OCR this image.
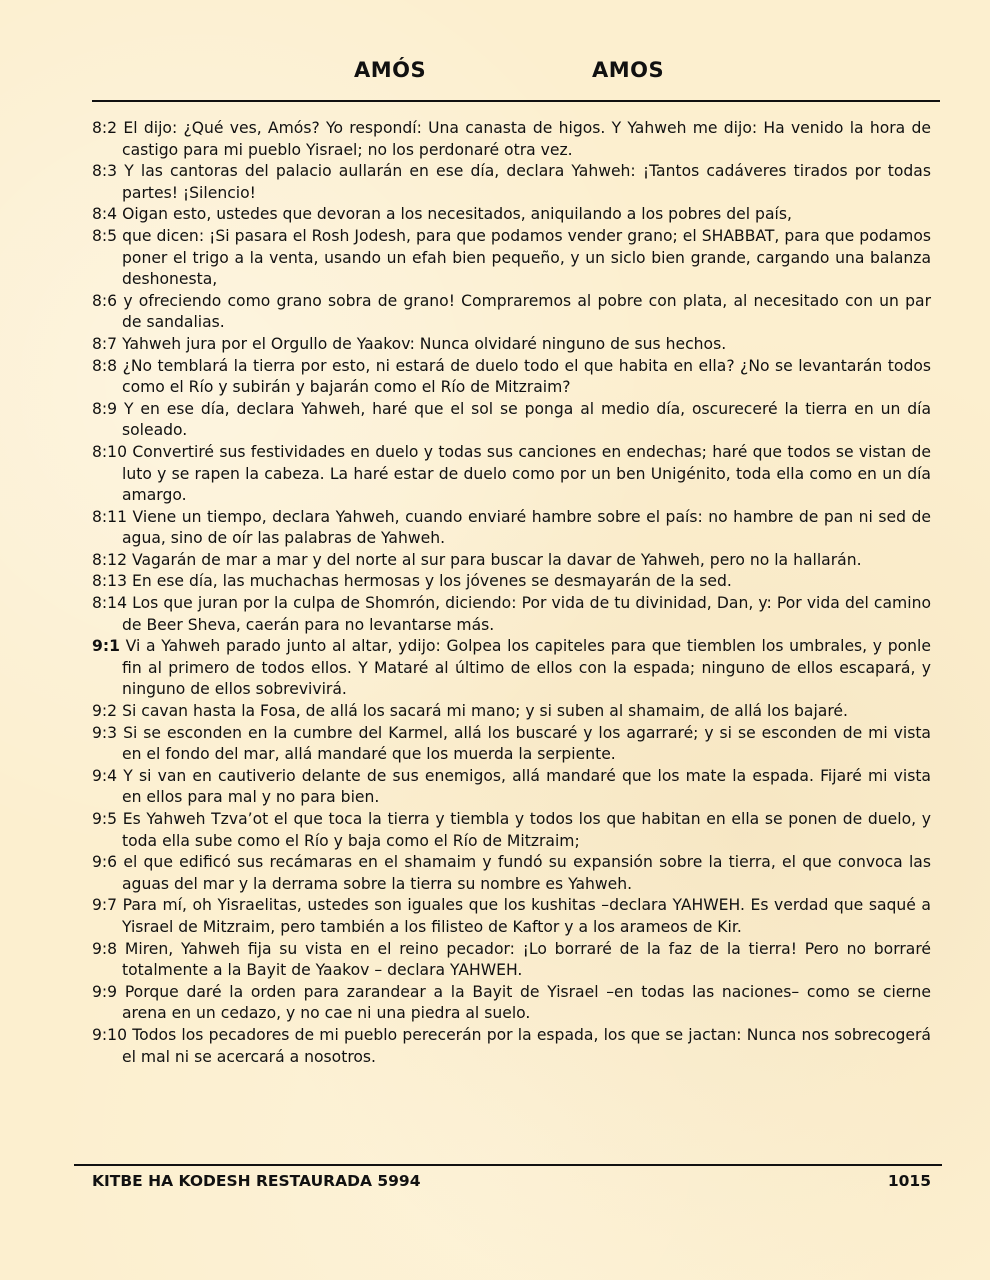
AMÓS	AMOS

8:2 El dijo: ¿Qué ves, Amós? Yo respondí: Una canasta de higos. Y Yahweh me dijo: Ha venido la hora de castigo para mi pueblo Yisrael; no los perdonaré otra vez.

8:3 Y las cantoras del palacio aullarán en ese día, declara Yahweh: ¡Tantos cadáveres tirados por todas partes! ¡Silencio!

8:4 Oigan esto, ustedes que devoran a los necesitados, aniquilando a los pobres del país,

8:5 que dicen: ¡Si pasara el Rosh Jodesh, para que podamos vender grano; el SHABBAT, para que podamos poner el trigo a la venta, usando un efah bien pequeño, y un siclo bien grande, cargando una balanza deshonesta,

8:6 y ofreciendo como grano sobra de grano! Compraremos al pobre con plata, al necesitado con un par de sandalias.

8:7 Yahweh jura por el Orgullo de Yaakov: Nunca olvidaré ninguno de sus hechos.

8:8 ¿No temblará la tierra por esto, ni estará de duelo todo el que habita en ella? ¿No se levantarán todos como el Río y subirán y bajarán como el Río de Mitzraim?

8:9 Y en ese día, declara Yahweh, haré que el sol se ponga al medio día, oscureceré la tierra en un día soleado.

8:10 Convertiré sus festividades en duelo y todas sus canciones en endechas; haré que todos se vistan de luto y se rapen la cabeza. La haré estar de duelo como por un ben Unigénito, toda ella como en un día amargo.

8:11 Viene un tiempo, declara Yahweh, cuando enviaré hambre sobre el país: no hambre de pan ni sed de agua, sino de oír las palabras de Yahweh.

8:12 Vagarán de mar a mar y del norte al sur para buscar la davar de Yahweh, pero no la hallarán.

8:13 En ese día, las muchachas hermosas y los jóvenes se desmayarán de la sed.

8:14 Los que juran por la culpa de Shomrón, diciendo: Por vida de tu divinidad, Dan, y: Por vida del camino de Beer Sheva, caerán para no levantarse más.

9:1 Vi a Yahweh parado junto al altar, ydijo: Golpea los capiteles para que tiemblen los umbrales, y ponle fin al primero de todos ellos. Y Mataré al último de ellos con la espada; ninguno de ellos escapará, y ninguno de ellos sobrevivirá.

9:2 Si cavan hasta la Fosa, de allá los sacará mi mano; y si suben al shamaim, de allá los bajaré.

9:3 Si se esconden en la cumbre del Karmel, allá los buscaré y los agarraré; y si se esconden de mi vista en el fondo del mar, allá mandaré que los muerda la serpiente.

9:4 Y si van en cautiverio delante de sus enemigos, allá mandaré que los mate la espada. Fijaré mi vista en ellos para mal y no para bien.

9:5 Es Yahweh Tzva’ot el que toca la tierra y tiembla y todos los que habitan en ella se ponen de duelo, y toda ella sube como el Río y baja como el Río de Mitzraim;

9:6 el que edificó sus recámaras en el shamaim y fundó su expansión sobre la tierra, el que convoca las aguas del mar y la derrama sobre la tierra su nombre es Yahweh.

9:7 Para mí, oh Yisraelitas, ustedes son iguales que los kushitas –declara YAHWEH. Es verdad que saqué a Yisrael de Mitzraim, pero también a los filisteo de Kaftor y a los arameos de Kir.

9:8 Miren, Yahweh fija su vista en el reino pecador: ¡Lo borraré de la faz de la tierra! Pero no borraré totalmente a la Bayit de Yaakov – declara YAHWEH.

9:9 Porque daré la orden para zarandear a la Bayit de Yisrael –en todas las naciones– como se cierne arena en un cedazo, y no cae ni una piedra al suelo.

9:10 Todos los pecadores de mi pueblo perecerán por la espada, los que se jactan: Nunca nos sobrecogerá el mal ni se acercará a nosotros.

KITBE HA KODESH RESTAURADA 5994	1015
